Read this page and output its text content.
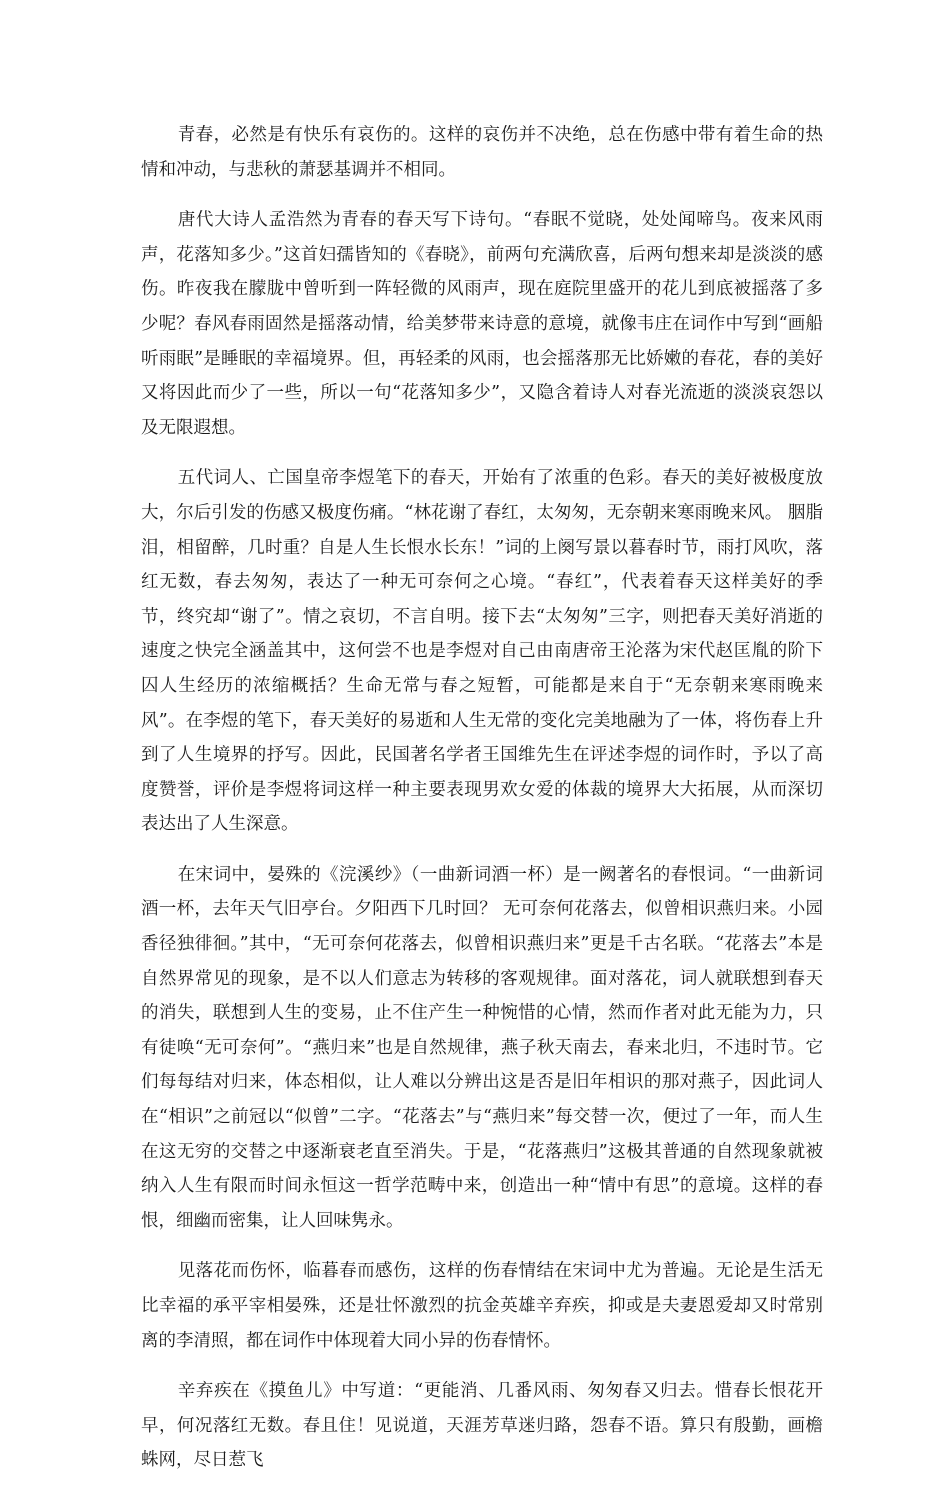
青春，必然是有快乐有哀伤的。这样的哀伤并不决绝，总在伤感中带有着生命的热情和冲动，与悲秋的萧瑟基调并不相同。

唐代大诗人孟浩然为青春的春天写下诗句。“春眠不觉晓，处处闻啼鸟。夜来风雨声，花落知多少。”这首妇孺皆知的《春晓》，前两句充满欣喜，后两句想来却是淡淡的感伤。昨夜我在朦胧中曾听到一阵轻微的风雨声，现在庭院里盛开的花儿到底被摇落了多少呢？春风春雨固然是摇落动情，给美梦带来诗意的意境，就像韦庄在词作中写到“画船听雨眠”是睡眠的幸福境界。但，再轻柔的风雨，也会摇落那无比娇嫩的春花，春的美好又将因此而少了一些，所以一句“花落知多少”，又隐含着诗人对春光流逝的淡淡哀怨以及无限遐想。

五代词人、亡国皇帝李煜笔下的春天，开始有了浓重的色彩。春天的美好被极度放大，尔后引发的伤感又极度伤痛。“林花谢了春红，太匆匆，无奈朝来寒雨晚来风。 胭脂泪，相留醉，几时重？自是人生长恨水长东！”词的上阕写景以暮春时节，雨打风吹，落红无数，春去匆匆，表达了一种无可奈何之心境。“春红”，代表着春天这样美好的季节，终究却“谢了”。情之哀切，不言自明。接下去“太匆匆”三字，则把春天美好消逝的速度之快完全涵盖其中，这何尝不也是李煜对自己由南唐帝王沦落为宋代赵匡胤的阶下囚人生经历的浓缩概括？生命无常与春之短暂，可能都是来自于“无奈朝来寒雨晚来风”。在李煜的笔下，春天美好的易逝和人生无常的变化完美地融为了一体，将伤春上升到了人生境界的抒写。因此，民国著名学者王国维先生在评述李煜的词作时，予以了高度赞誉，评价是李煜将词这样一种主要表现男欢女爱的体裁的境界大大拓展，从而深切表达出了人生深意。

在宋词中，晏殊的《浣溪纱》（一曲新词酒一杯）是一阙著名的春恨词。“一曲新词酒一杯，去年天气旧亭台。夕阳西下几时回？ 无可奈何花落去，似曾相识燕归来。小园香径独徘徊。”其中，“无可奈何花落去，似曾相识燕归来”更是千古名联。“花落去”本是自然界常见的现象，是不以人们意志为转移的客观规律。面对落花，词人就联想到春天的消失，联想到人生的变易，止不住产生一种惋惜的心情，然而作者对此无能为力，只有徒唤“无可奈何”。“燕归来”也是自然规律，燕子秋天南去，春来北归，不违时节。它们每每结对归来，体态相似，让人难以分辨出这是否是旧年相识的那对燕子，因此词人在“相识”之前冠以“似曾”二字。“花落去”与“燕归来”每交替一次，便过了一年，而人生在这无穷的交替之中逐渐衰老直至消失。于是，“花落燕归”这极其普通的自然现象就被纳入人生有限而时间永恒这一哲学范畴中来，创造出一种“情中有思”的意境。这样的春恨，细幽而密集，让人回味隽永。

见落花而伤怀，临暮春而感伤，这样的伤春情结在宋词中尤为普遍。无论是生活无比幸福的承平宰相晏殊，还是壮怀激烈的抗金英雄辛弃疾，抑或是夫妻恩爱却又时常别离的李清照，都在词作中体现着大同小异的伤春情怀。

辛弃疾在《摸鱼儿》中写道：“更能消、几番风雨、匆匆春又归去。惜春长恨花开早，何况落红无数。春且住！见说道，天涯芳草迷归路，怨春不语。算只有殷勤，画檐蛛网，尽日惹飞
